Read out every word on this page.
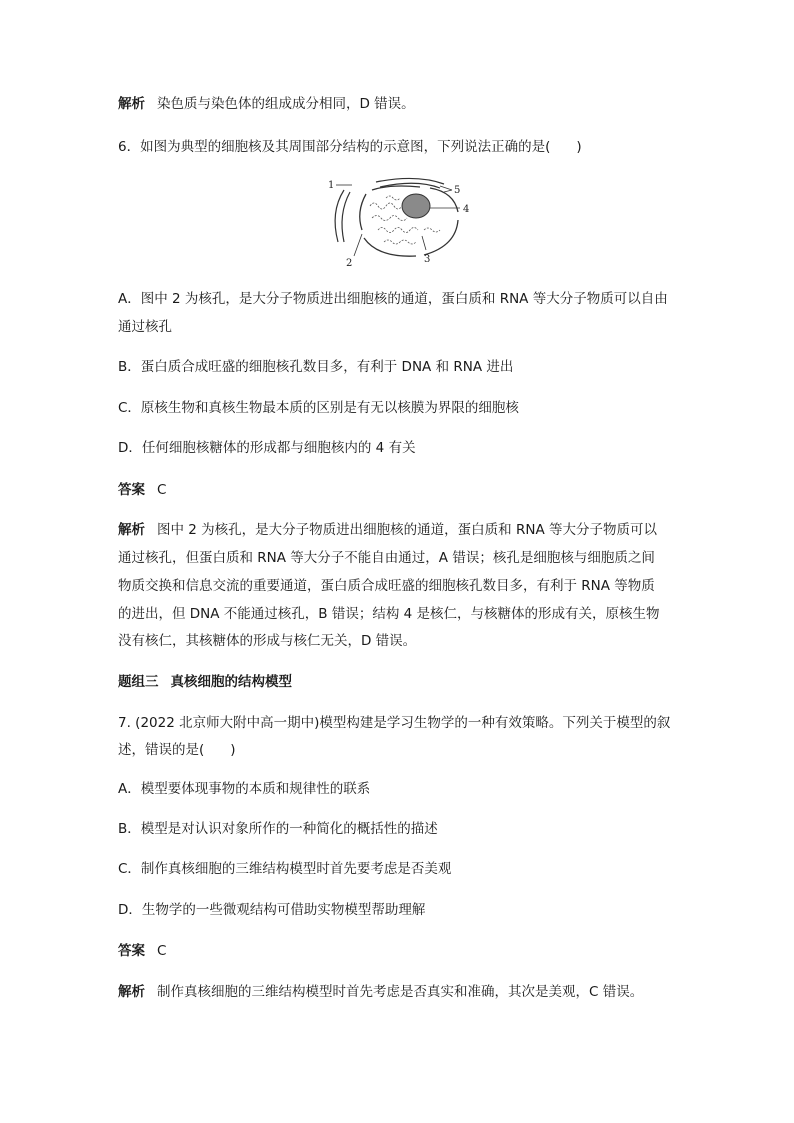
解析 染色质与染色体的组成成分相同，D 错误。
6．如图为典型的细胞核及其周围部分结构的示意图，下列说法正确的是( )
1
2	3
4
5
A．图中 2 为核孔，是大分子物质进出细胞核的通道，蛋白质和 RNA 等大分子物质可以自由
通过核孔
B．蛋白质合成旺盛的细胞核孔数目多，有利于 DNA 和 RNA 进出
C．原核生物和真核生物最本质的区别是有无以核膜为界限的细胞核
D．任何细胞核糖体的形成都与细胞核内的 4 有关
答案 C
解析 图中 2 为核孔，是大分子物质进出细胞核的通道，蛋白质和 RNA 等大分子物质可以
通过核孔，但蛋白质和 RNA 等大分子不能自由通过，A 错误；核孔是细胞核与细胞质之间
物质交换和信息交流的重要通道，蛋白质合成旺盛的细胞核孔数目多，有利于 RNA 等物质
的进出，但 DNA 不能通过核孔，B 错误；结构 4 是核仁，与核糖体的形成有关，原核生物
没有核仁，其核糖体的形成与核仁无关，D 错误。
题组三 真核细胞的结构模型
7. (2022 北京师大附中高一期中)模型构建是学习生物学的一种有效策略。下列关于模型的叙
述，错误的是( )
A．模型要体现事物的本质和规律性的联系
B．模型是对认识对象所作的一种简化的概括性的描述
C．制作真核细胞的三维结构模型时首先要考虑是否美观
D．生物学的一些微观结构可借助实物模型帮助理解
答案 C
解析 制作真核细胞的三维结构模型时首先考虑是否真实和准确，其次是美观，C 错误。
